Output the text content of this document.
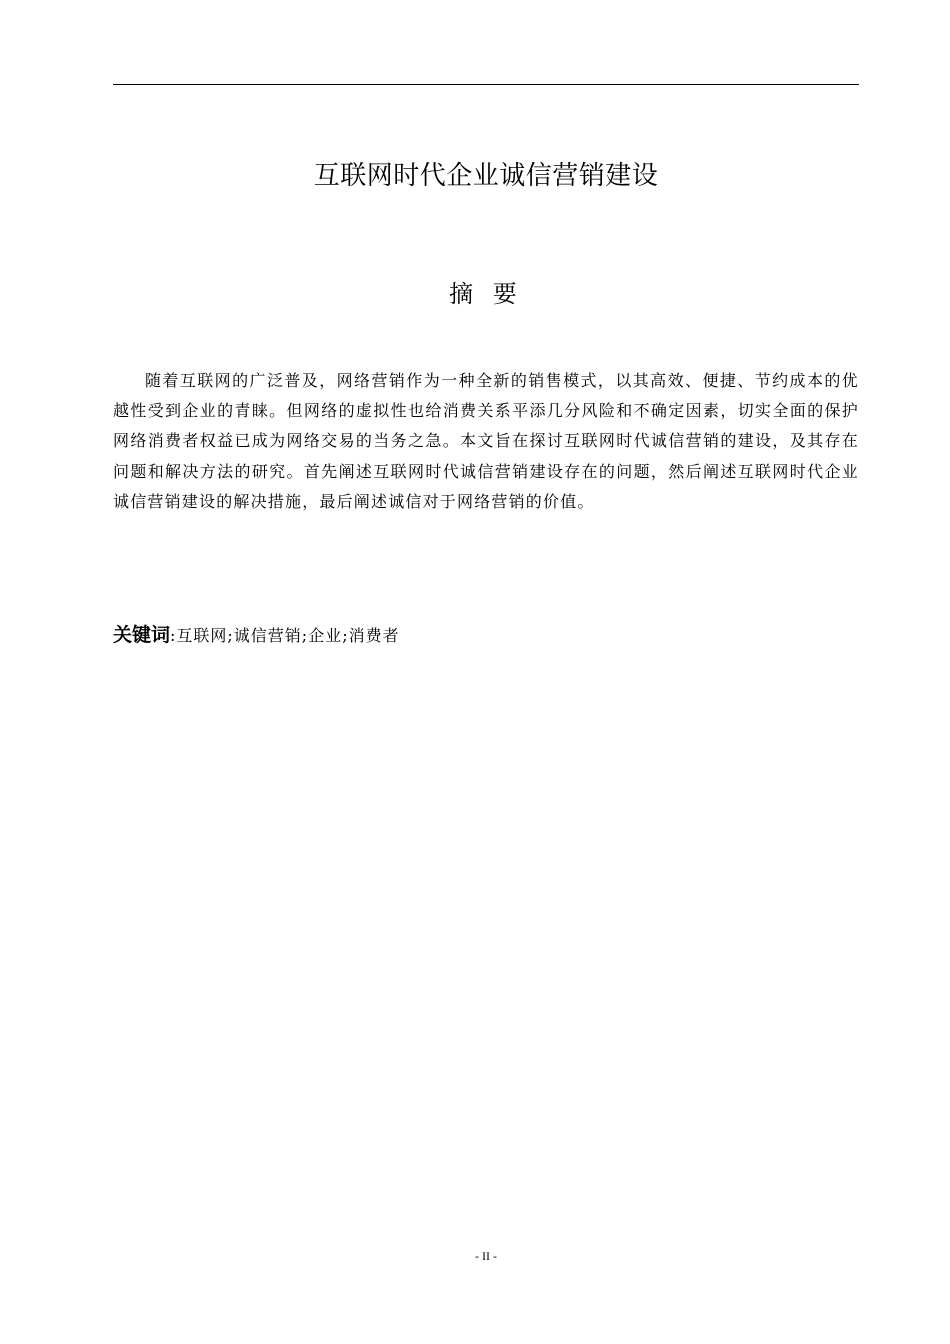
互联网时代企业诚信营销建设
摘 要

随着互联网的广泛普及，网络营销作为一种全新的销售模式，以其高效、便捷、节约成本的优越性受到企业的青睐。但网络的虚拟性也给消费关系平添几分风险和不确定因素，切实全面的保护网络消费者权益已成为网络交易的当务之急。本文旨在探讨互联网时代诚信营销的建设，及其存在问题和解决方法的研究。首先阐述互联网时代诚信营销建设存在的问题，然后阐述互联网时代企业诚信营销建设的解决措施，最后阐述诚信对于网络营销的价值。

关键词:互联网;诚信营销;企业;消费者
- II -
